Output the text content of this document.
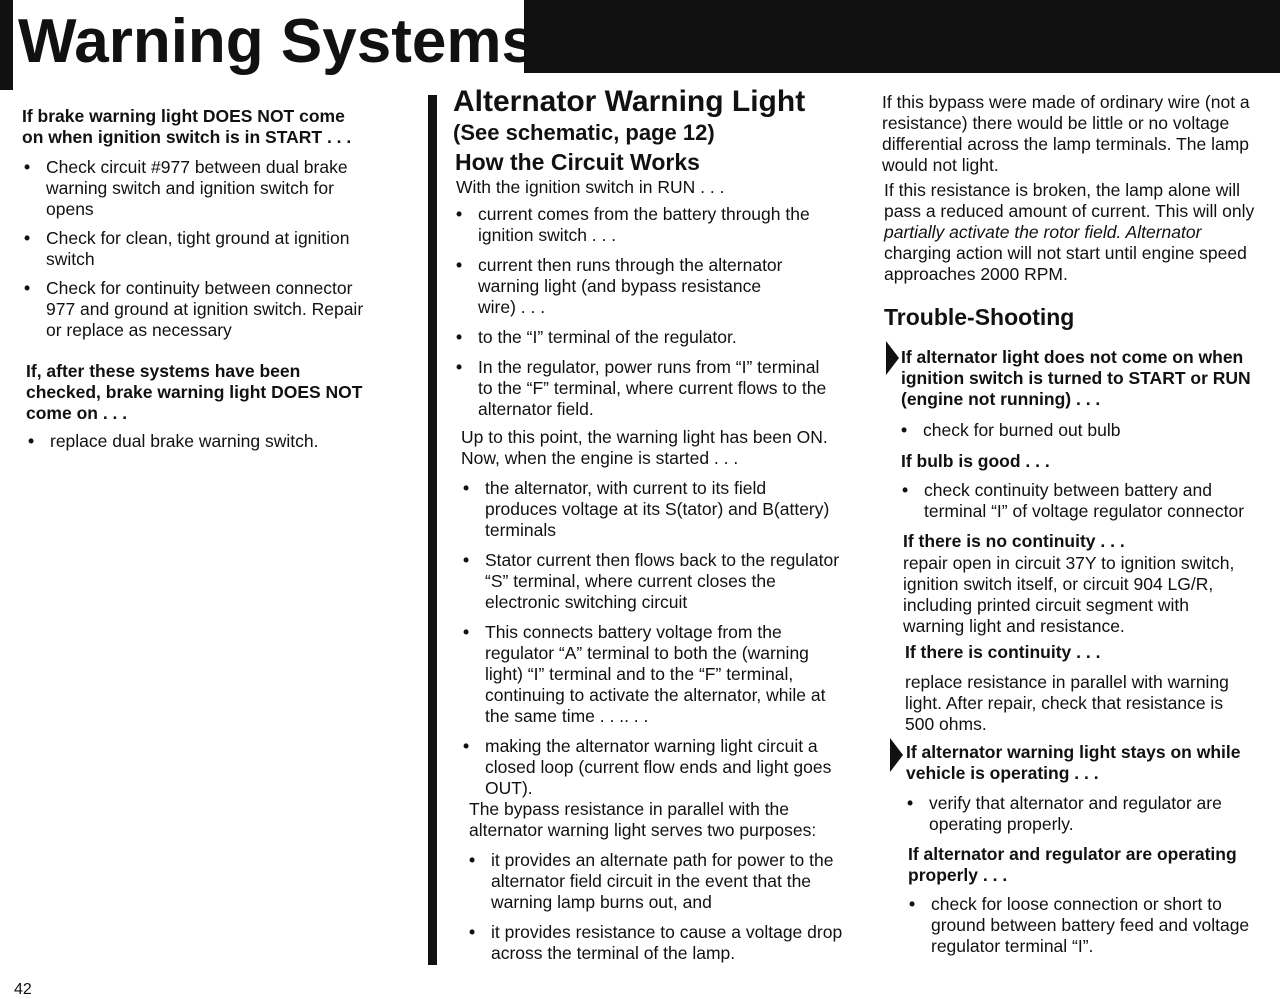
Warning Systems
If brake warning light DOES NOT come
on when ignition switch is in START . . .
• Check circuit #977 between dual brake
warning switch and ignition switch for
opens
• Check for clean, tight ground at ignition
switch
• Check for continuity between connector
977 and ground at ignition switch. Repair
or replace as necessary
If, after these systems have been
checked, brake warning light DOES NOT
come on . . .
• replace dual brake warning switch.
Alternator Warning Light
(See schematic, page 12)
How the Circuit Works
With the ignition switch in RUN . . .
• current comes from the battery through the
ignition switch . . .
• current then runs through the alternator
warning light (and bypass resistance
wire) . . .
• to the “I” terminal of the regulator.
• In the regulator, power runs from “I” terminal
to the “F” terminal, where current flows to the
alternator field.
Up to this point, the warning light has been ON.
Now, when the engine is started . . .
• the alternator, with current to its field
produces voltage at its S(tator) and B(attery)
terminals
• Stator current then flows back to the regulator
“S” terminal, where current closes the
electronic switching circuit
• This connects battery voltage from the
regulator “A” terminal to both the (warning
light) “I” terminal and to the “F” terminal,
continuing to activate the alternator, while at
the same time . . .. . .
• making the alternator warning light circuit a
closed loop (current flow ends and light goes
OUT).
The bypass resistance in parallel with the
alternator warning light serves two purposes:
• it provides an alternate path for power to the
alternator field circuit in the event that the
warning lamp burns out, and
• it provides resistance to cause a voltage drop
across the terminal of the lamp.
If this bypass were made of ordinary wire (not a
resistance) there would be little or no voltage
differential across the lamp terminals. The lamp
would not light.
If this resistance is broken, the lamp alone will
pass a reduced amount of current. This will only
partially activate the rotor field. Alternator
charging action will not start until engine speed
approaches 2000 RPM.
Trouble-Shooting
If alternator light does not come on when
ignition switch is turned to START or RUN
(engine not running) . . .
• check for burned out bulb
If bulb is good . . .
• check continuity between battery and
terminal “I” of voltage regulator connector
If there is no continuity . . .
repair open in circuit 37Y to ignition switch,
ignition switch itself, or circuit 904 LG/R,
including printed circuit segment with
warning light and resistance.
If there is continuity . . .
replace resistance in parallel with warning
light. After repair, check that resistance is
500 ohms.
If alternator warning light stays on while
vehicle is operating . . .
• verify that alternator and regulator are
operating properly.
If alternator and regulator are operating
properly . . .
• check for loose connection or short to
ground between battery feed and voltage
regulator terminal “I”.
42
